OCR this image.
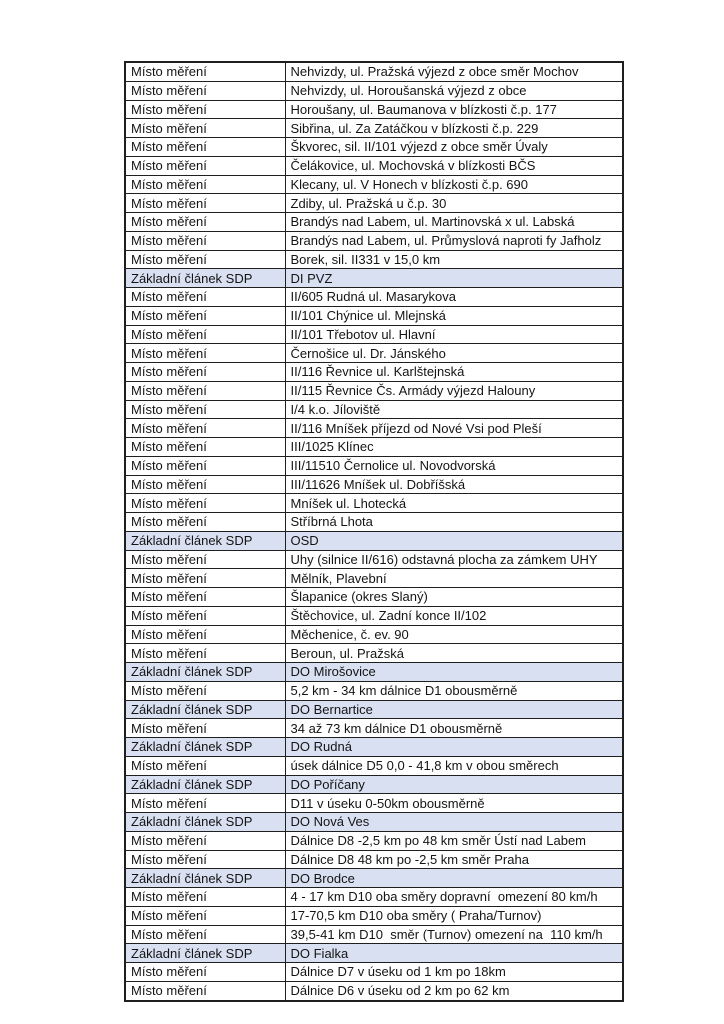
Místo měření	Nehvizdy, ul. Pražská výjezd z obce směr Mochov
Místo měření	Nehvizdy, ul. Horoušanská výjezd z obce
Místo měření	Horoušany, ul. Baumanova v blízkosti č.p. 177
Místo měření	Sibřina, ul. Za Zatáčkou v blízkosti č.p. 229
Místo měření	Škvorec, sil. II/101 výjezd z obce směr Úvaly
Místo měření	Čelákovice, ul. Mochovská v blízkosti BČS
Místo měření	Klecany, ul. V Honech v blízkosti č.p. 690
Místo měření	Zdiby, ul. Pražská u č.p. 30
Místo měření	Brandýs nad Labem, ul. Martinovská x ul. Labská
Místo měření	Brandýs nad Labem, ul. Průmyslová naproti fy Jafholz
Místo měření	Borek, sil. II331 v 15,0 km
Základní článek SDP	DI PVZ
Místo měření	II/605 Rudná ul. Masarykova
Místo měření	II/101 Chýnice ul. Mlejnská
Místo měření	II/101 Třebotov ul. Hlavní
Místo měření	Černošice ul. Dr. Jánského
Místo měření	II/116 Řevnice ul. Karlštejnská
Místo měření	II/115 Řevnice Čs. Armády výjezd Halouny
Místo měření	I/4 k.o. Jíloviště
Místo měření	II/116 Mníšek příjezd od Nové Vsi pod Pleší
Místo měření	III/1025 Klínec
Místo měření	III/11510 Černolice ul. Novodvorská
Místo měření	III/11626 Mníšek ul. Dobříšská
Místo měření	Mníšek ul. Lhotecká
Místo měření	Stříbrná Lhota
Základní článek SDP	OSD
Místo měření	Uhy (silnice II/616) odstavná plocha za zámkem UHY
Místo měření	Mělník, Plavební
Místo měření	Šlapanice (okres Slaný)
Místo měření	Štěchovice, ul. Zadní konce II/102
Místo měření	Měchenice, č. ev. 90
Místo měření	Beroun, ul. Pražská
Základní článek SDP	DO Mirošovice
Místo měření	5,2 km - 34 km dálnice D1 obousměrně
Základní článek SDP	DO Bernartice
Místo měření	34 až 73 km dálnice D1 obousměrně
Základní článek SDP	DO Rudná
Místo měření	úsek dálnice D5 0,0 - 41,8 km v obou směrech
Základní článek SDP	DO Poříčany
Místo měření	D11 v úseku 0-50km obousměrně
Základní článek SDP	DO Nová Ves
Místo měření	Dálnice D8 -2,5 km po 48 km směr Ústí nad Labem
Místo měření	Dálnice D8 48 km po -2,5 km směr Praha
Základní článek SDP	DO Brodce
Místo měření	4 - 17 km D10 oba směry dopravní  omezení 80 km/h
Místo měření	17-70,5 km D10 oba směry ( Praha/Turnov)
Místo měření	39,5-41 km D10  směr (Turnov) omezení na  110 km/h
Základní článek SDP	DO Fialka
Místo měření	Dálnice D7 v úseku od 1 km po 18km
Místo měření	Dálnice D6 v úseku od 2 km po 62 km
